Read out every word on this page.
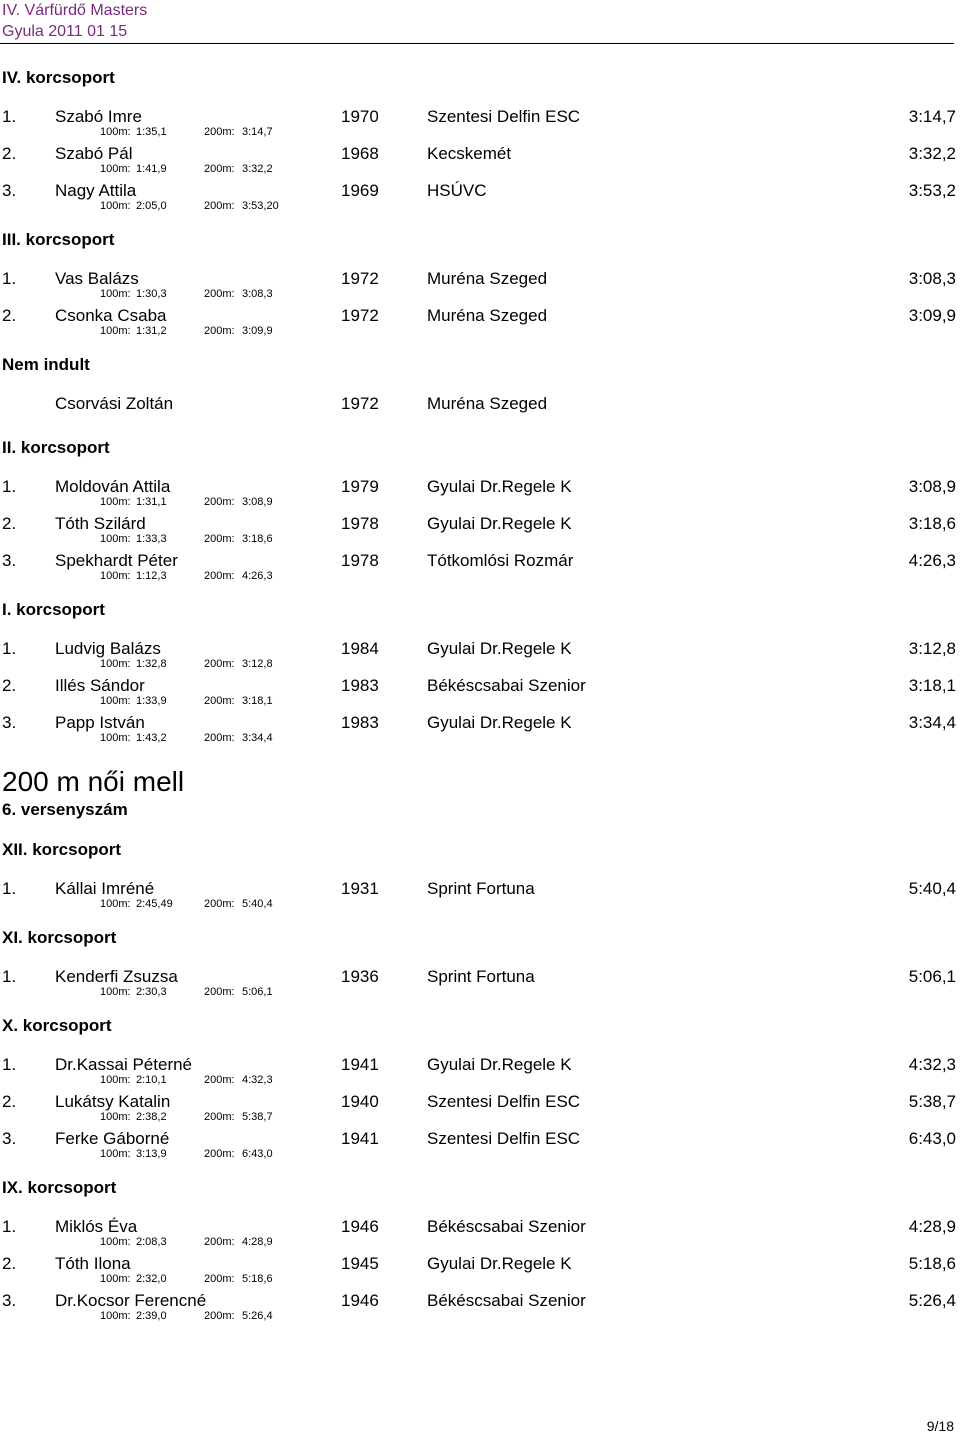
IV. Várfürdő Masters
Gyula 2011 01 15
IV. korcsoport
1. Szabó Imre	1970	Szentesi Delfin ESC	3:14,7
100m: 1:35,1	200m: 3:14,7
2. Szabó Pál	1968	Kecskemét	3:32,2
100m: 1:41,9	200m: 3:32,2
3. Nagy Attila	1969	HSÚVC	3:53,2
100m: 2:05,0	200m: 3:53,20
III. korcsoport
1. Vas Balázs	1972	Muréna Szeged	3:08,3
100m: 1:30,3	200m: 3:08,3
2. Csonka Csaba	1972	Muréna Szeged	3:09,9
100m: 1:31,2	200m: 3:09,9
Nem indult
Csorvási Zoltán	1972	Muréna Szeged
II. korcsoport
1. Moldován Attila	1979	Gyulai Dr.Regele K	3:08,9
100m: 1:31,1	200m: 3:08,9
2. Tóth Szilárd	1978	Gyulai Dr.Regele K	3:18,6
100m: 1:33,3	200m: 3:18,6
3. Spekhardt Péter	1978	Tótkomlósi Rozmár	4:26,3
100m: 1:12,3	200m: 4:26,3
I. korcsoport
1. Ludvig Balázs	1984	Gyulai Dr.Regele K	3:12,8
100m: 1:32,8	200m: 3:12,8
2. Illés Sándor	1983	Békéscsabai Szenior	3:18,1
100m: 1:33,9	200m: 3:18,1
3. Papp István	1983	Gyulai Dr.Regele K	3:34,4
100m: 1:43,2	200m: 3:34,4
200 m női mell
6. versenyszám
XII. korcsoport
1. Kállai Imréné	1931	Sprint Fortuna	5:40,4
100m: 2:45,49	200m: 5:40,4
XI. korcsoport
1. Kenderfi Zsuzsa	1936	Sprint Fortuna	5:06,1
100m: 2:30,3	200m: 5:06,1
X. korcsoport
1. Dr.Kassai Péterné	1941	Gyulai Dr.Regele K	4:32,3
100m: 2:10,1	200m: 4:32,3
2. Lukátsy Katalin	1940	Szentesi Delfin ESC	5:38,7
100m: 2:38,2	200m: 5:38,7
3. Ferke Gáborné	1941	Szentesi Delfin ESC	6:43,0
100m: 3:13,9	200m: 6:43,0
IX. korcsoport
1. Miklós Éva	1946	Békéscsabai Szenior	4:28,9
100m: 2:08,3	200m: 4:28,9
2. Tóth Ilona	1945	Gyulai Dr.Regele K	5:18,6
100m: 2:32,0	200m: 5:18,6
3. Dr.Kocsor Ferencné	1946	Békéscsabai Szenior	5:26,4
100m: 2:39,0	200m: 5:26,4
9/18
